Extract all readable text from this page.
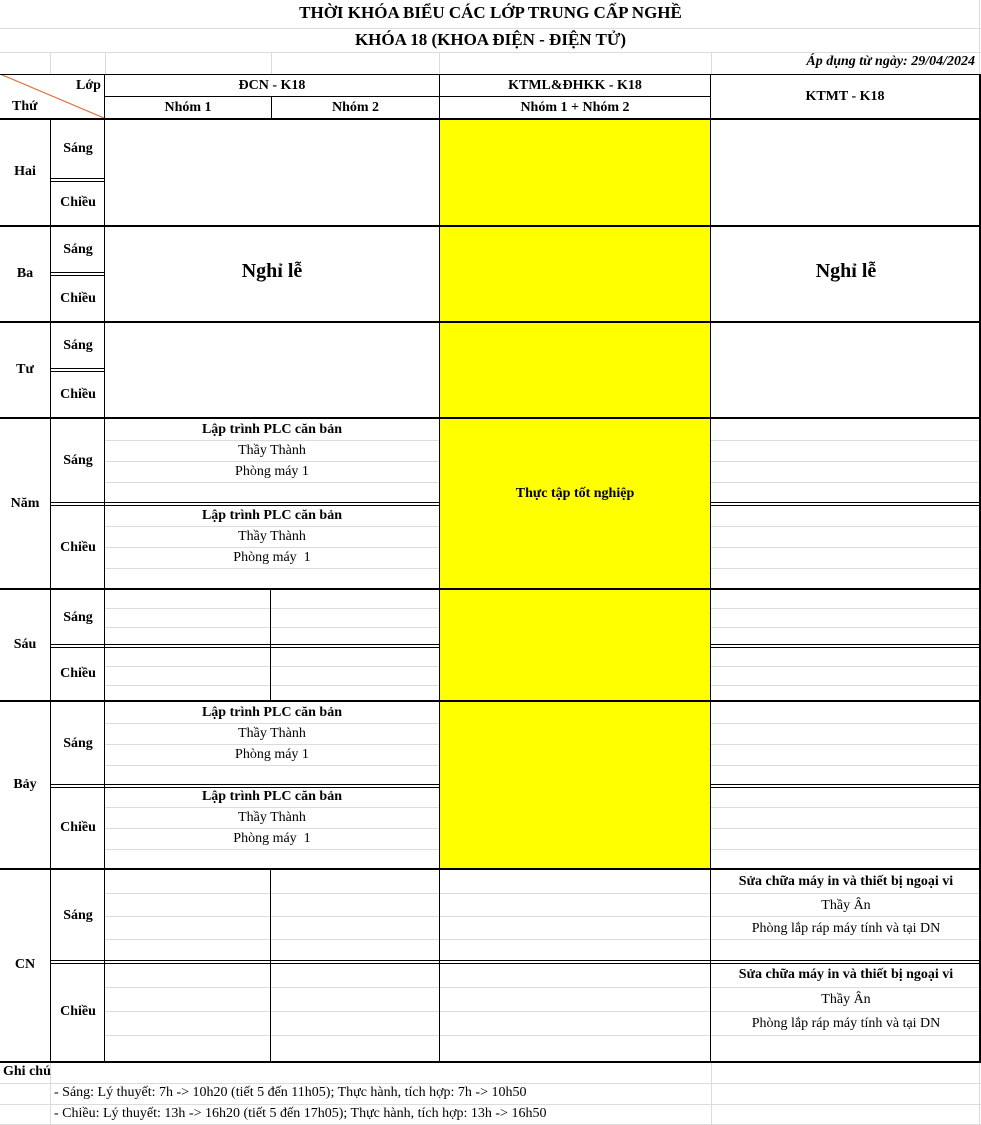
THỜI KHÓA BIỂU CÁC LỚP TRUNG CẤP NGHỀ
KHÓA 18 (KHOA ĐIỆN - ĐIỆN TỬ)
Áp dụng từ ngày: 29/04/2024
Lớp
Thứ
ĐCN - K18
Nhóm 1	Nhóm 2
KTML&ĐHKK - K18
Nhóm 1 + Nhóm 2
KTMT - K18
Hai
Ba
Tư
Năm
Sáu
Bảy
CN
Sáng
Chiều
Sáng
Chiều
Sáng
Chiều
Sáng
Chiều
Sáng
Chiều
Sáng
Chiều
Sáng
Chiều
Nghỉ lễ	Nghỉ lễ
Thực tập tốt nghiệp
Lập trình PLC căn bản
Thầy Thành
Phòng máy 1
Lập trình PLC căn bản
Thầy Thành
Phòng máy  1
Lập trình PLC căn bản
Thầy Thành
Phòng máy 1
Lập trình PLC căn bản
Thầy Thành
Phòng máy  1
Sửa chữa máy in và thiết bị ngoại vi
Thầy Ân
Phòng lắp ráp máy tính và tại DN
Sửa chữa máy in và thiết bị ngoại vi
Thầy Ân
Phòng lắp ráp máy tính và tại DN
Ghi chú
- Sáng: Lý thuyết: 7h -> 10h20 (tiết 5 đến 11h05); Thực hành, tích hợp: 7h -> 10h50
- Chiều: Lý thuyết: 13h -> 16h20 (tiết 5 đến 17h05); Thực hành, tích hợp: 13h -> 16h50
